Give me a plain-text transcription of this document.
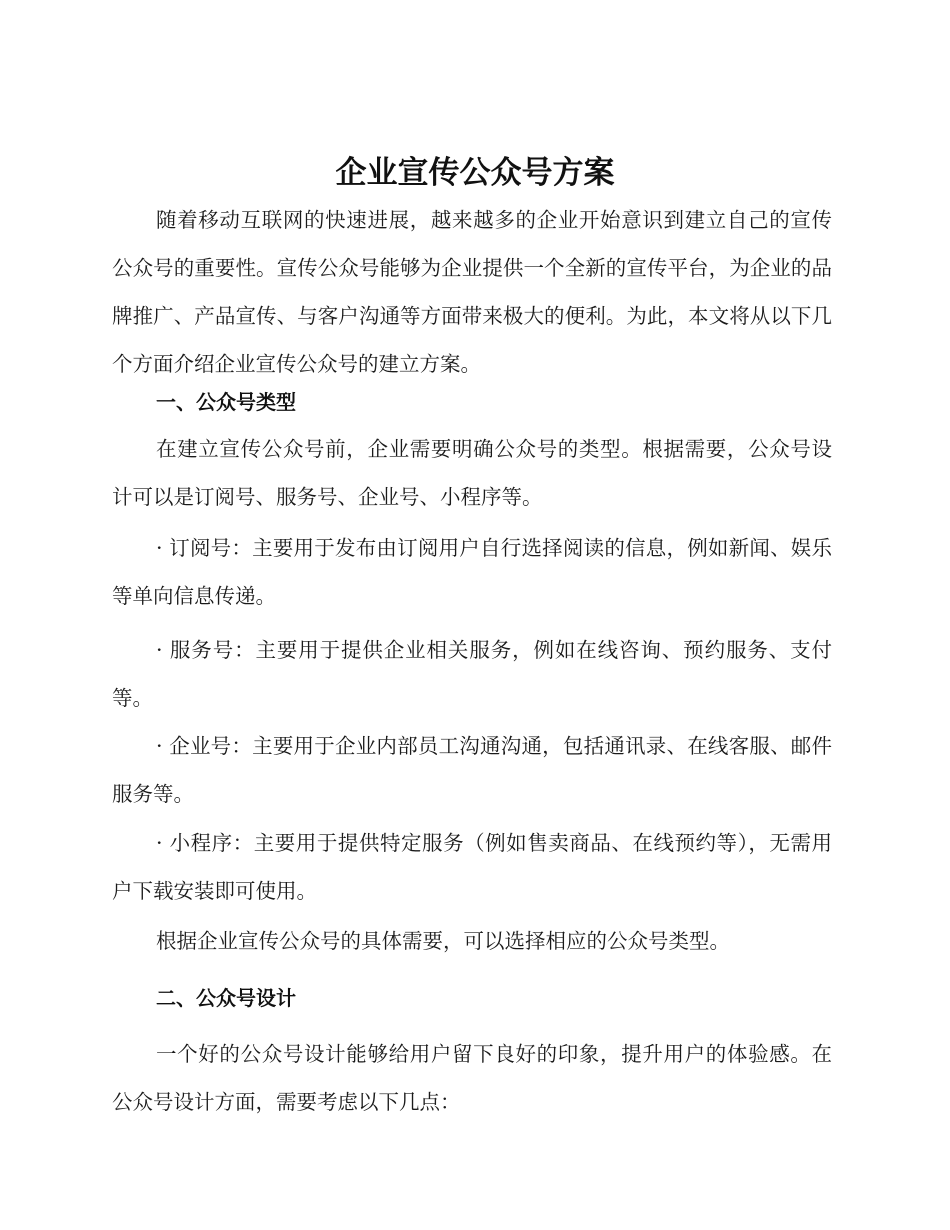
企业宣传公众号方案

随着移动互联网的快速进展，越来越多的企业开始意识到建立自己的宣传公众号的重要性。宣传公众号能够为企业提供一个全新的宣传平台，为企业的品牌推广、产品宣传、与客户沟通等方面带来极大的便利。为此，本文将从以下几个方面介绍企业宣传公众号的建立方案。

一、公众号类型

在建立宣传公众号前，企业需要明确公众号的类型。根据需要，公众号设计可以是订阅号、服务号、企业号、小程序等。

· 订阅号：主要用于发布由订阅用户自行选择阅读的信息，例如新闻、娱乐等单向信息传递。

· 服务号：主要用于提供企业相关服务，例如在线咨询、预约服务、支付等。

· 企业号：主要用于企业内部员工沟通沟通，包括通讯录、在线客服、邮件服务等。

· 小程序：主要用于提供特定服务（例如售卖商品、在线预约等），无需用户下载安装即可使用。

根据企业宣传公众号的具体需要，可以选择相应的公众号类型。

二、公众号设计

一个好的公众号设计能够给用户留下良好的印象，提升用户的体验感。在公众号设计方面，需要考虑以下几点：
